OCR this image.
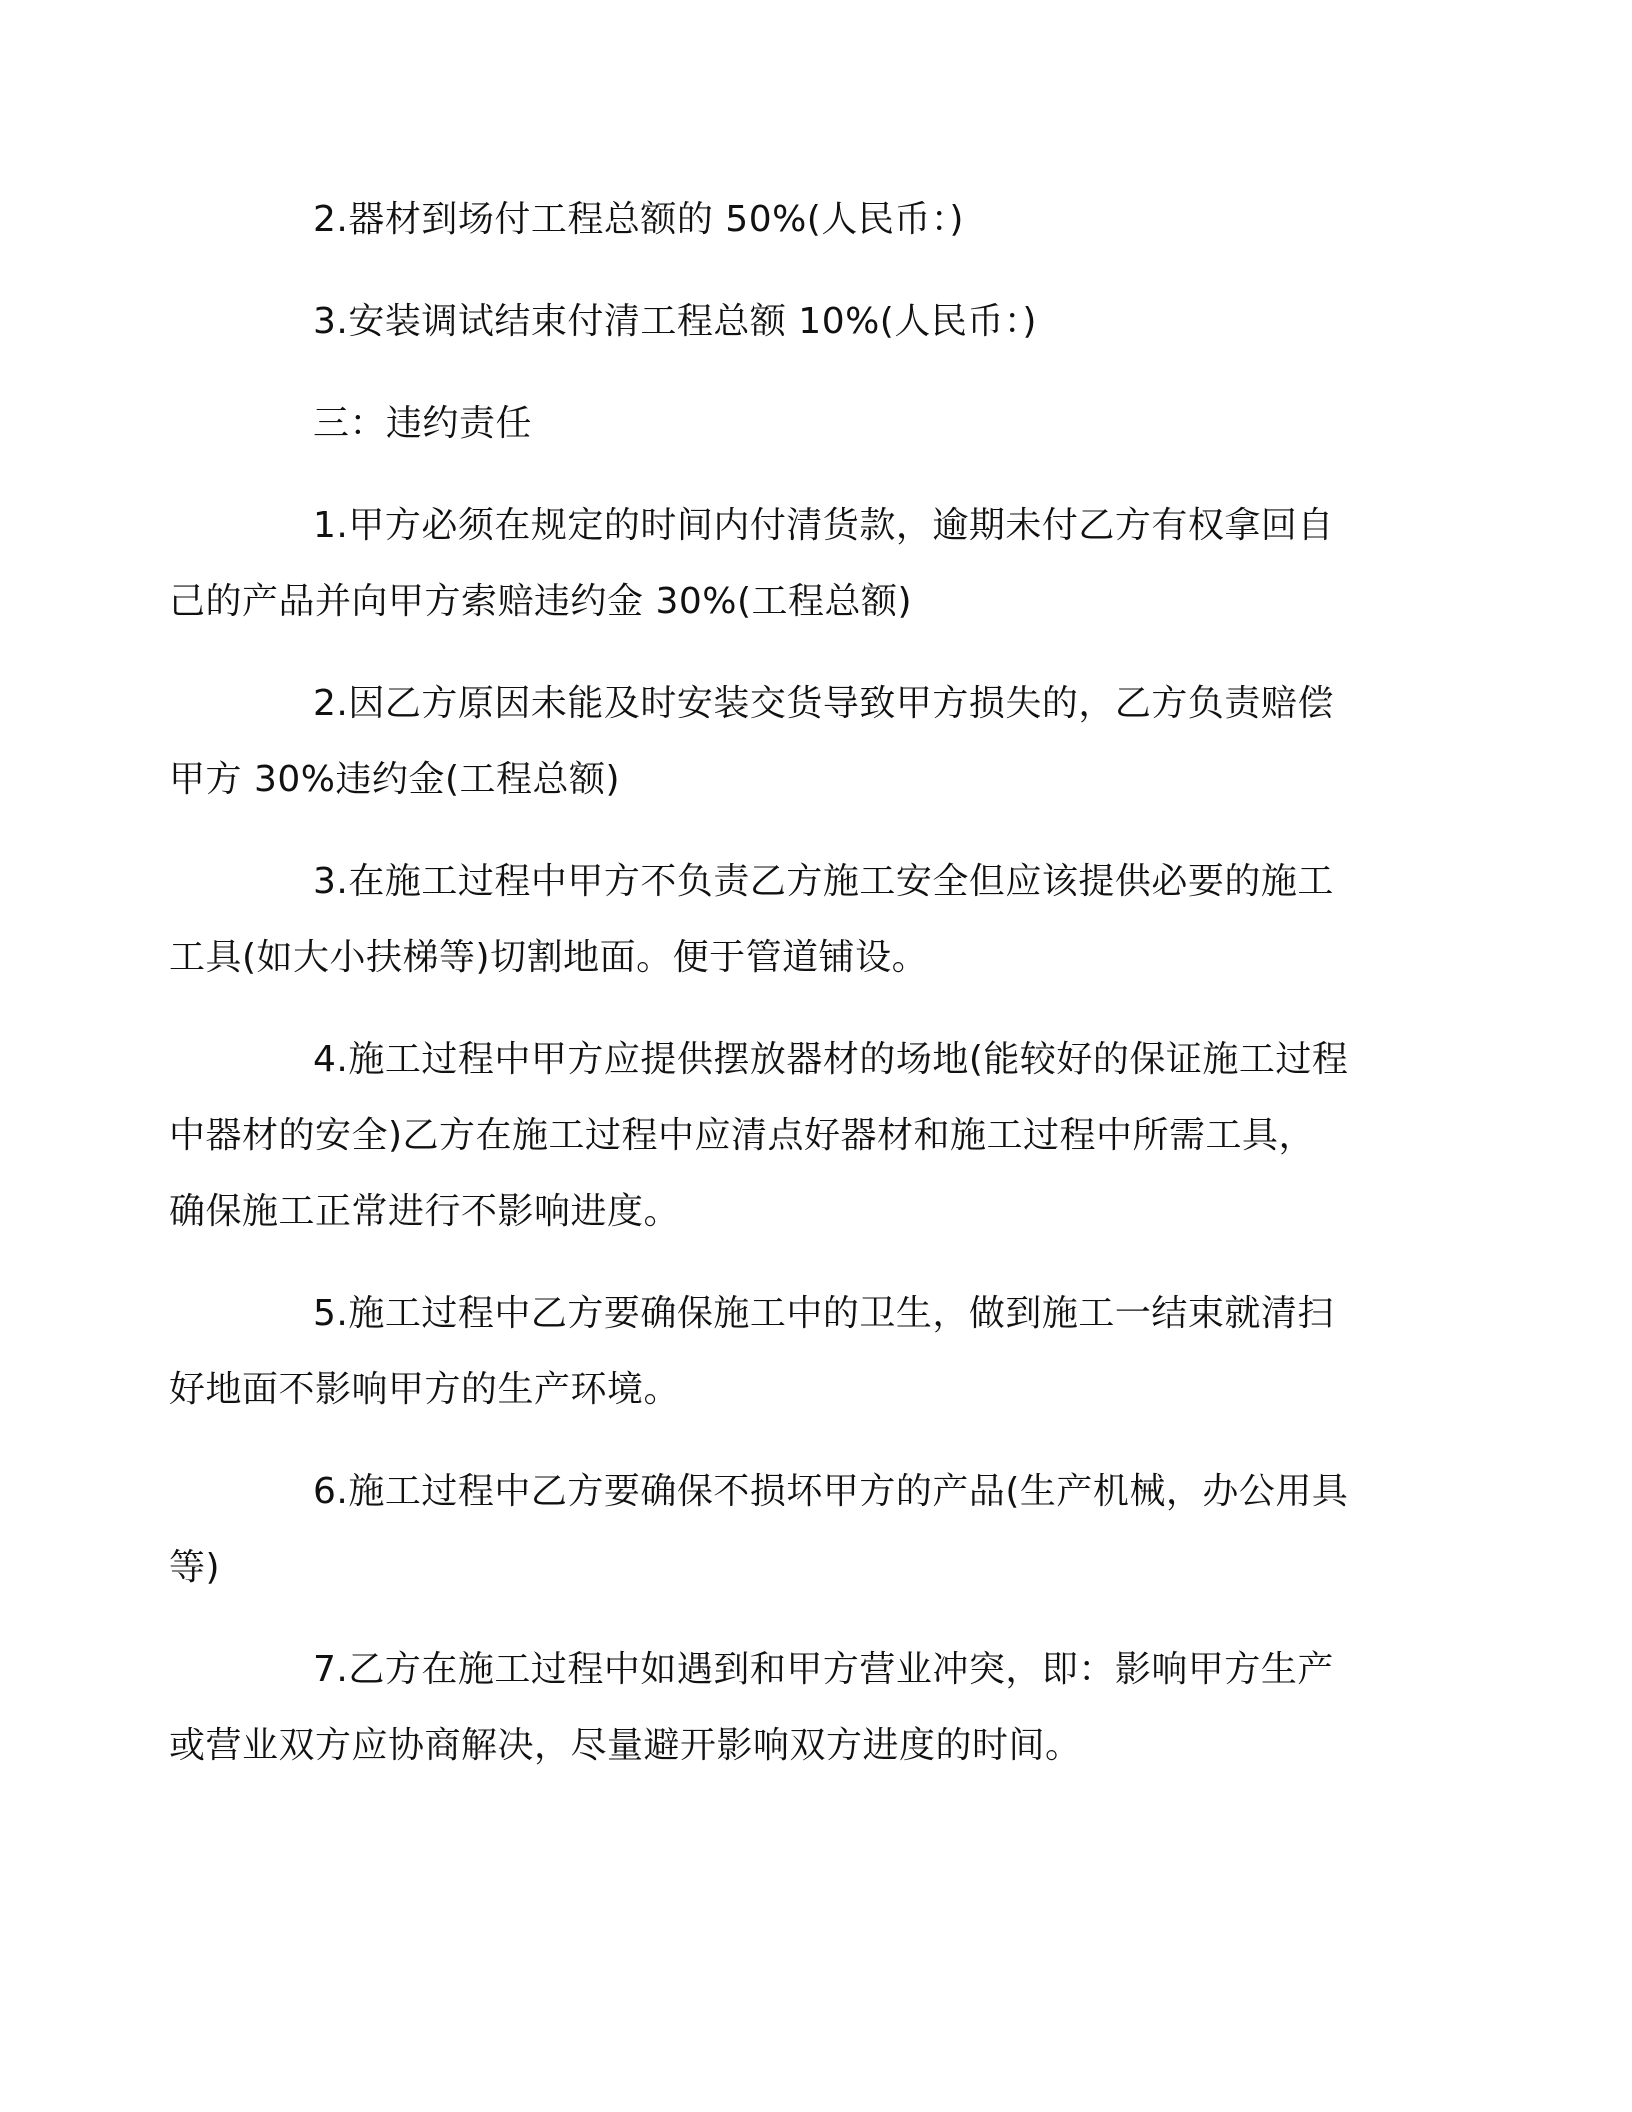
2.器材到场付工程总额的 50%(人民币：)

3.安装调试结束付清工程总额 10%(人民币：)

三：违约责任

1.甲方必须在规定的时间内付清货款，逾期未付乙方有权拿回自
己的产品并向甲方索赔违约金 30%(工程总额)

2.因乙方原因未能及时安装交货导致甲方损失的，乙方负责赔偿
甲方 30%违约金(工程总额)

3.在施工过程中甲方不负责乙方施工安全但应该提供必要的施工
工具(如大小扶梯等)切割地面。便于管道铺设。

4.施工过程中甲方应提供摆放器材的场地(能较好的保证施工过程
中器材的安全)乙方在施工过程中应清点好器材和施工过程中所需工具，
确保施工正常进行不影响进度。

5.施工过程中乙方要确保施工中的卫生，做到施工一结束就清扫
好地面不影响甲方的生产环境。

6.施工过程中乙方要确保不损坏甲方的产品(生产机械，办公用具
等)

7.乙方在施工过程中如遇到和甲方营业冲突，即：影响甲方生产
或营业双方应协商解决，尽量避开影响双方进度的时间。
